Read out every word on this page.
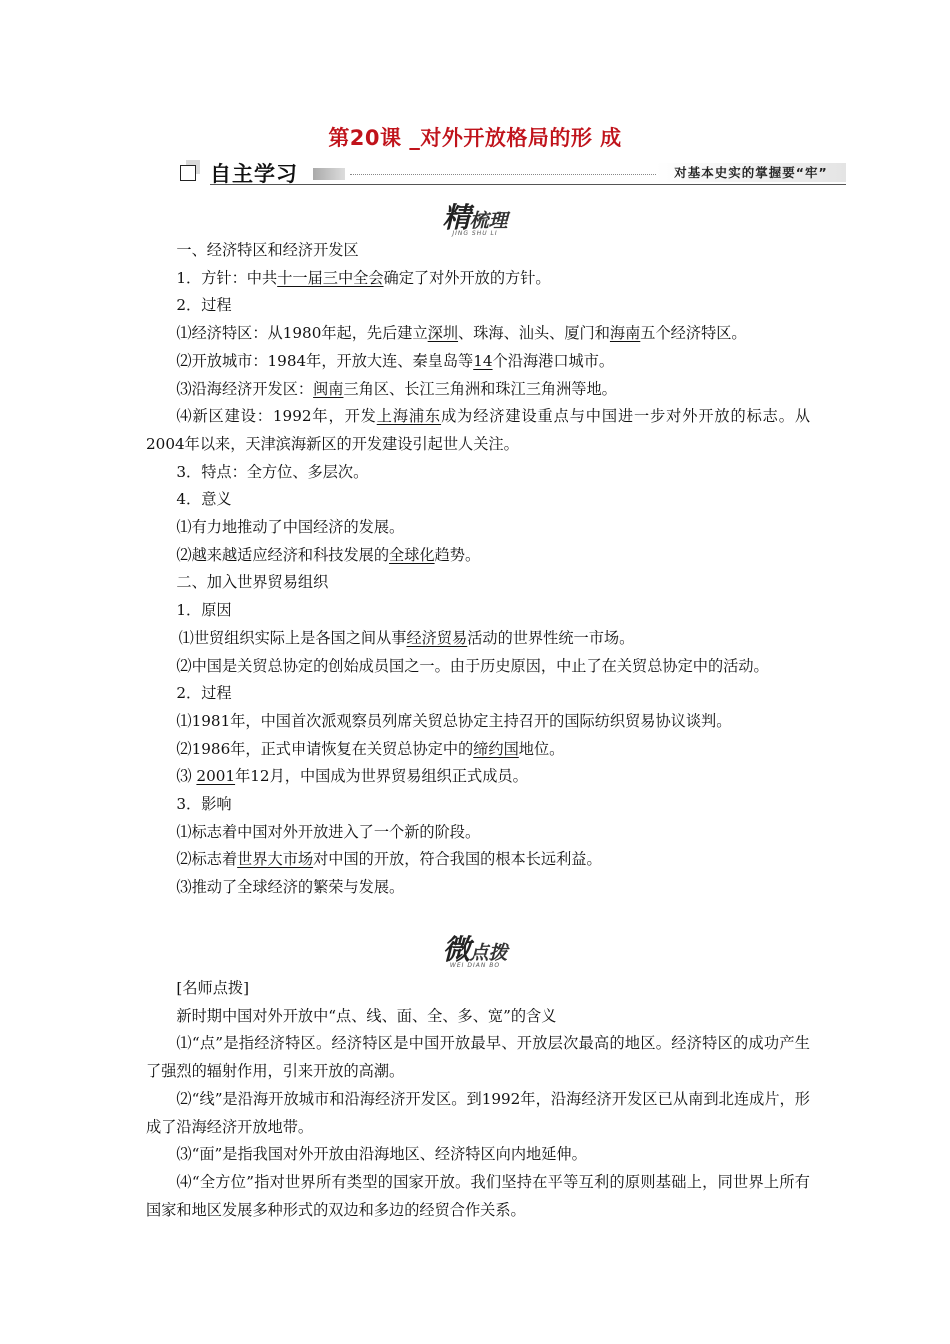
第20课 _对外开放格局的形 成
自主学习	对基本史实的掌握要“牢”
精梳理
JING SHU LI

一、经济特区和经济开发区

1．方针：中共十一届三中全会确定了对外开放的方针。

2．过程

⑴经济特区：从1980年起，先后建立深圳、珠海、汕头、厦门和海南五个经济特区。

⑵开放城市：1984年，开放大连、秦皇岛等14个沿海港口城市。

⑶沿海经济开发区：闽南三角区、长江三角洲和珠江三角洲等地。

⑷新区建设：1992年，开发上海浦东成为经济建设重点与中国进一步对外开放的标志。从2004年以来，天津滨海新区的开发建设引起世人关注。

3．特点：全方位、多层次。

4．意义

⑴有力地推动了中国经济的发展。

⑵越来越适应经济和科技发展的全球化趋势。

二、加入世界贸易组织

1．原因

⑴世贸组织实际上是各国之间从事经济贸易活动的世界性统一市场。

⑵中国是关贸总协定的创始成员国之一。由于历史原因，中止了在关贸总协定中的活动。

2．过程

⑴1981年，中国首次派观察员列席关贸总协定主持召开的国际纺织贸易协议谈判。

⑵1986年，正式申请恢复在关贸总协定中的缔约国地位。

⑶ 2001年12月，中国成为世界贸易组织正式成员。

3．影响

⑴标志着中国对外开放进入了一个新的阶段。

⑵标志着世界大市场对中国的开放，符合我国的根本长远利益。

⑶推动了全球经济的繁荣与发展。

微点拨
WEI DIAN BO

[名师点拨]

新时期中国对外开放中“点、线、面、全、多、宽”的含义

⑴“点”是指经济特区。经济特区是中国开放最早、开放层次最高的地区。经济特区的成功产生了强烈的辐射作用，引来开放的高潮。

⑵“线”是沿海开放城市和沿海经济开发区。到1992年，沿海经济开发区已从南到北连成片，形成了沿海经济开放地带。

⑶“面”是指我国对外开放由沿海地区、经济特区向内地延伸。

⑷“全方位”指对世界所有类型的国家开放。我们坚持在平等互利的原则基础上，同世界上所有国家和地区发展多种形式的双边和多边的经贸合作关系。
